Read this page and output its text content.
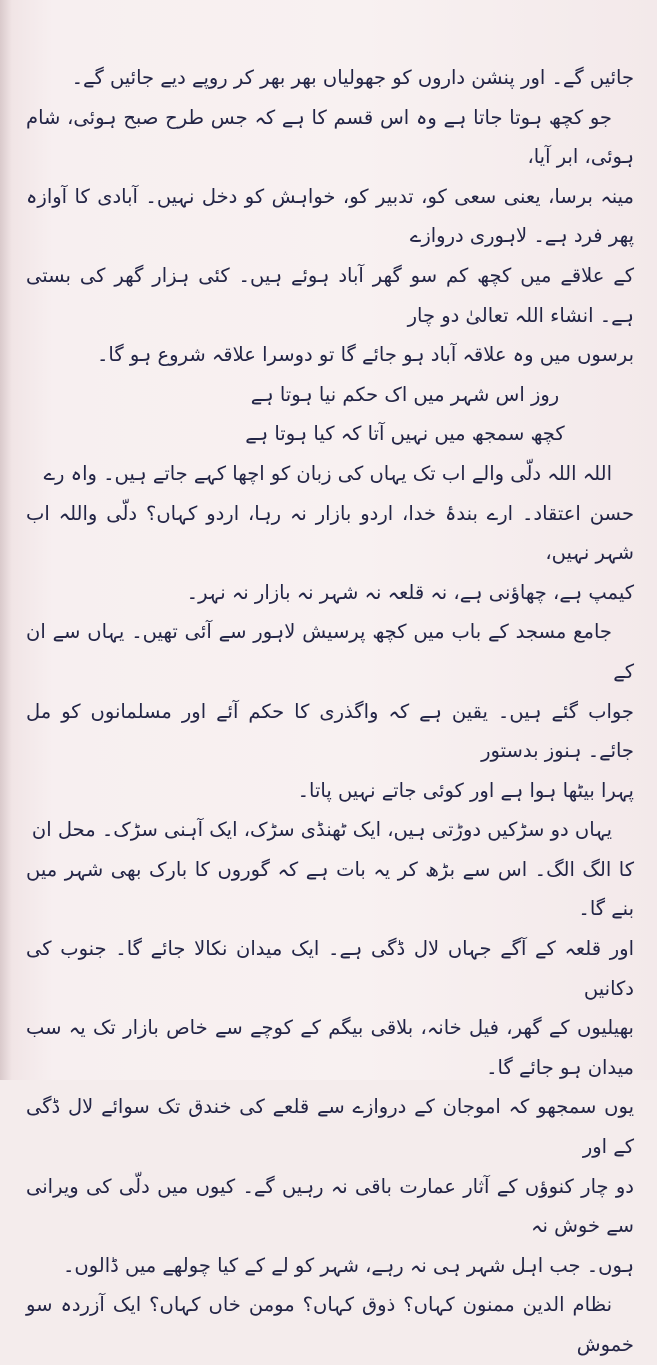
جائیں گے۔ اور پنشن داروں کو جھولیاں بھر بھر کر روپے دیے جائیں گے۔

جو کچھ ہوتا جاتا ہے وہ اس قسم کا ہے کہ جس طرح صبح ہوئی، شام ہوئی، ابر آیا،

مینہ برسا، یعنی سعی کو، تدبیر کو، خواہش کو دخل نہیں۔ آبادی کا آوازہ پھر فرد ہے۔ لاہوری دروازے

کے علاقے میں کچھ کم سو گھر آباد ہوئے ہیں۔ کئی ہزار گھر کی بستی ہے۔ انشاء اللہ تعالیٰ دو چار

برسوں میں وہ علاقہ آباد ہو جائے گا تو دوسرا علاقہ شروع ہو گا۔

روز اس شہر میں اک حکم نیا ہوتا ہے

کچھ سمجھ میں نہیں آتا کہ کیا ہوتا ہے

اللہ اللہ دلّی والے اب تک یہاں کی زبان کو اچھا کہے جاتے ہیں۔ واہ رے

حسن اعتقاد۔ ارے بندۂ خدا، اردو بازار نہ رہا، اردو کہاں؟ دلّی واللہ اب شہر نہیں،

کیمپ ہے، چھاؤنی ہے، نہ قلعہ نہ شہر نہ بازار نہ نہر۔

جامع مسجد کے باب میں کچھ پرسیش لاہور سے آئی تھیں۔ یہاں سے ان کے

جواب گئے ہیں۔ یقین ہے کہ واگذری کا حکم آئے اور مسلمانوں کو مل جائے۔ ہنوز بدستور

پہرا بیٹھا ہوا ہے اور کوئی جاتے نہیں پاتا۔

یہاں دو سڑکیں دوڑتی ہیں، ایک ٹھنڈی سڑک، ایک آہنی سڑک۔ محل ان

کا الگ الگ۔ اس سے بڑھ کر یہ بات ہے کہ گوروں کا بارک بھی شہر میں بنے گا۔

اور قلعہ کے آگے جہاں لال ڈگی ہے۔ ایک میدان نکالا جائے گا۔ جنوب کی دکانیں

بھیلیوں کے گھر، فیل خانہ، بلاقی بیگم کے کوچے سے خاص بازار تک یہ سب میدان ہو جائے گا۔

یوں سمجھو کہ اموجان کے دروازے سے قلعے کی خندق تک سوائے لال ڈگی کے اور

دو چار کنوؤں کے آثار عمارت باقی نہ رہیں گے۔ کیوں میں دلّی کی ویرانی سے خوش نہ

ہوں۔ جب اہل شہر ہی نہ رہے، شہر کو لے کے کیا چولھے میں ڈالوں۔

نظام الدین ممنون کہاں؟ ذوق کہاں؟ مومن خاں کہاں؟ ایک آزردہ سو خموش
